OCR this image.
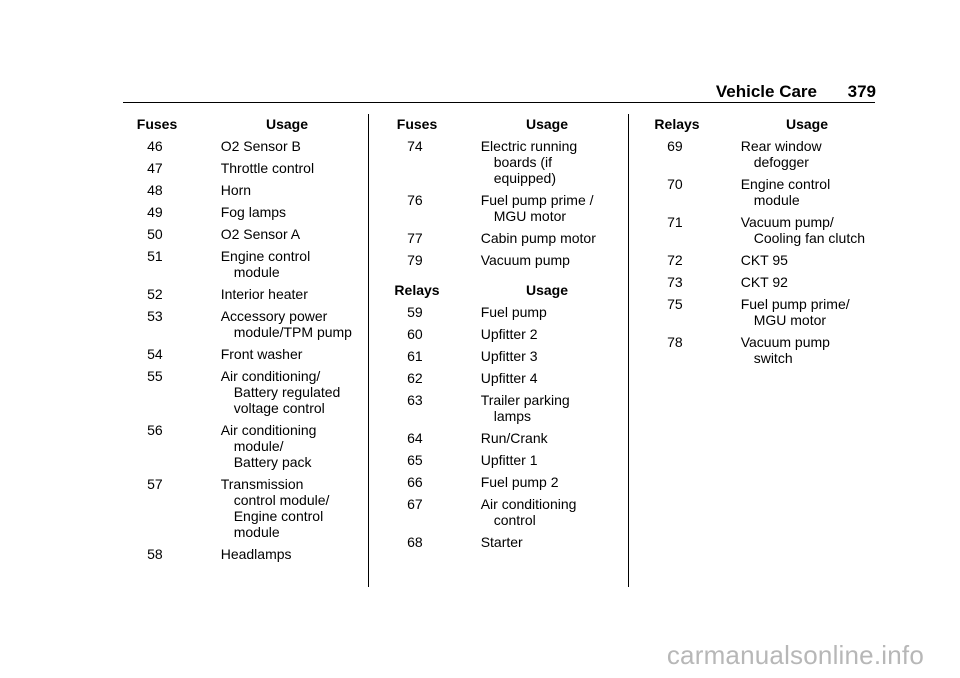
Vehicle Care 379
Fuses	Usage
46	O2 Sensor B
47	Throttle control
48	Horn
49	Fog lamps
50	O2 Sensor A
51	Engine control
module
52	Interior heater
53	Accessory power
module/TPM pump
54	Front washer
55	Air conditioning/
Battery regulated
voltage control
56	Air conditioning
module/
Battery pack
57	Transmission
control module/
Engine control
module
58	Headlamps
Fuses	Usage
74	Electric running
boards (if
equipped)
76	Fuel pump prime /
MGU motor
77	Cabin pump motor
79	Vacuum pump
Relays	Usage
59	Fuel pump
60	Upfitter 2
61	Upfitter 3
62	Upfitter 4
63	Trailer parking
lamps
64	Run/Crank
65	Upfitter 1
66	Fuel pump 2
67	Air conditioning
control
68	Starter
Relays	Usage
69	Rear window
defogger
70	Engine control
module
71	Vacuum pump/
Cooling fan clutch
72	CKT 95
73	CKT 92
75	Fuel pump prime/
MGU motor
78	Vacuum pump
switch
carmanualsonline.info
